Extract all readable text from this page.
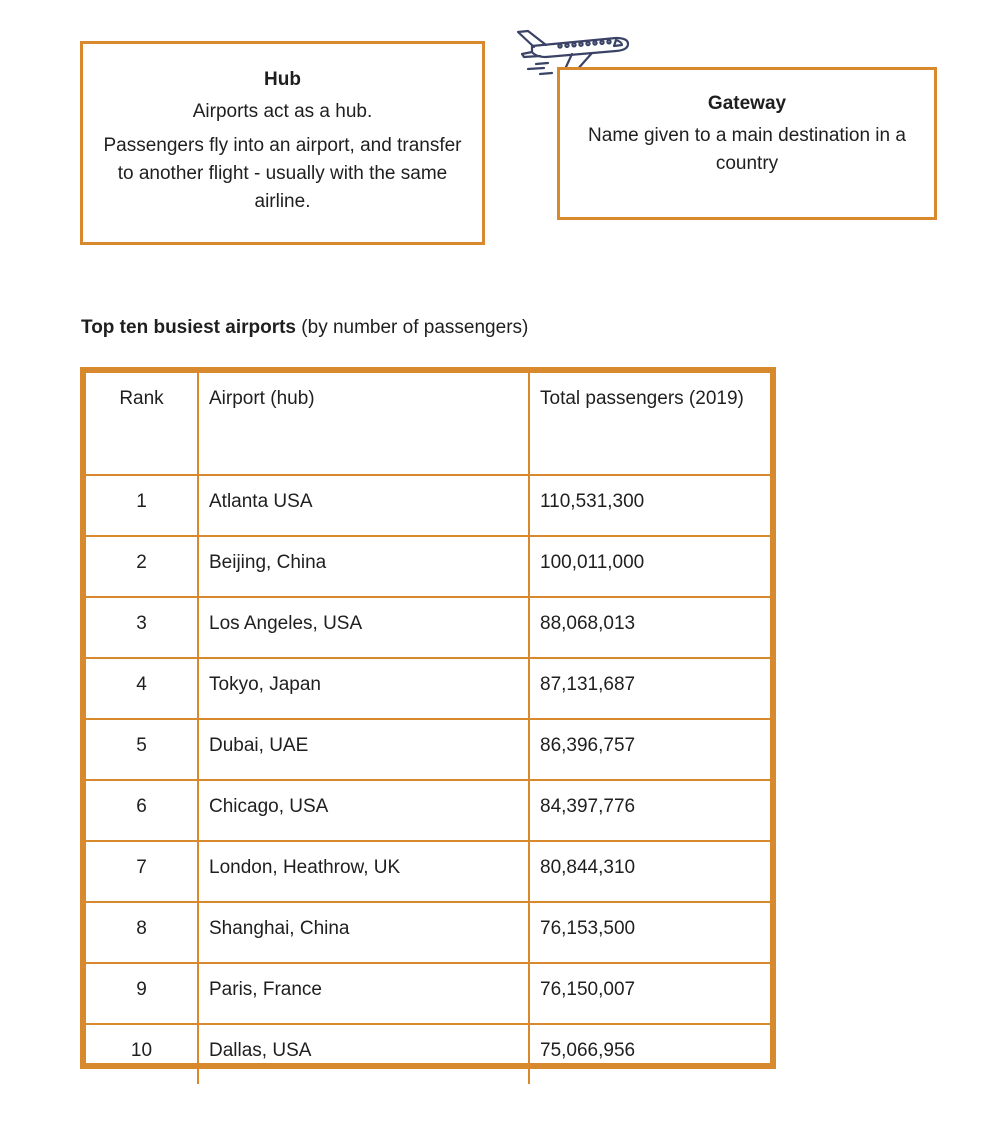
Hub

Airports act as a hub.

Passengers fly into an airport, and transfer to another flight - usually with the same airline.

Gateway

Name given to a main destination in a country

Top ten busiest airports (by number of passengers)
Rank	Airport (hub)	Total passengers (2019)
1	Atlanta USA	110,531,300
2	Beijing, China	100,011,000
3	Los Angeles, USA	88,068,013
4	Tokyo, Japan	87,131,687
5	Dubai, UAE	86,396,757
6	Chicago, USA	84,397,776
7	London, Heathrow, UK	80,844,310
8	Shanghai, China	76,153,500
9	Paris, France	76,150,007
10	Dallas, USA	75,066,956
